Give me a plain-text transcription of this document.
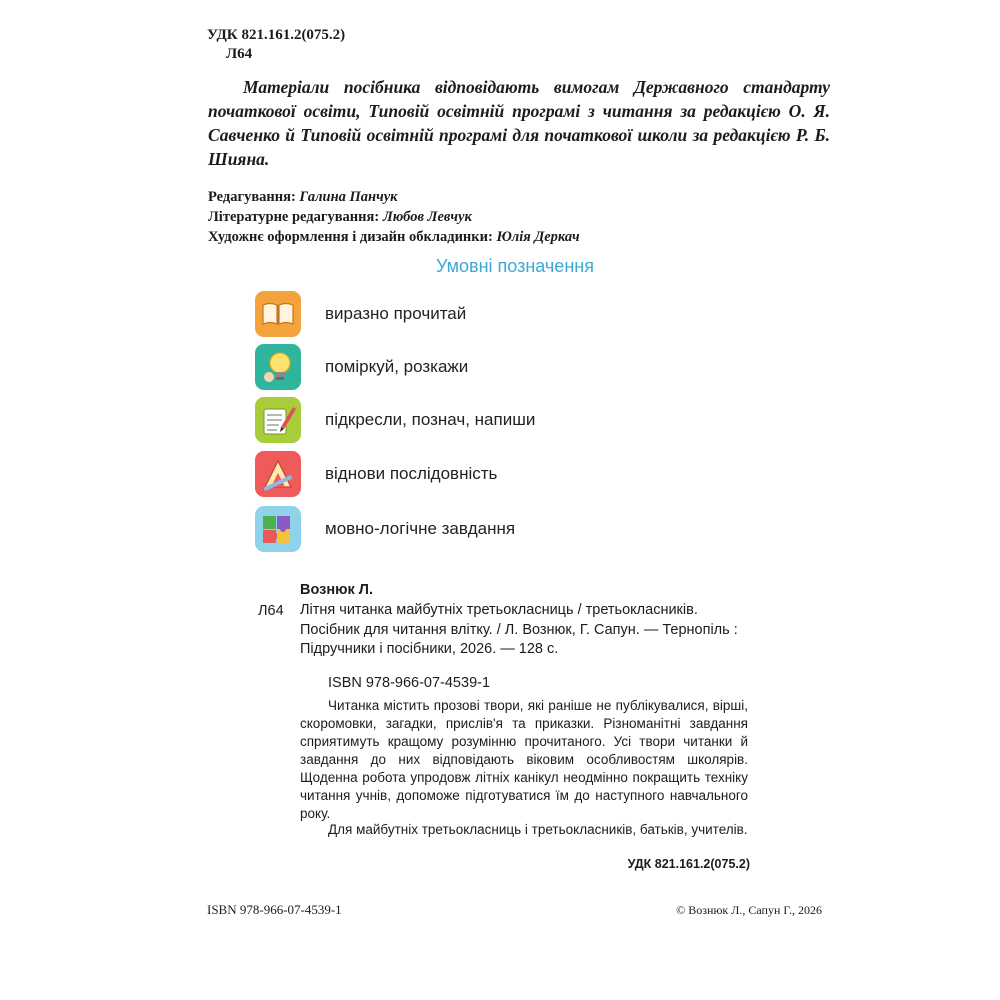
УДК 821.161.2(075.2)
Л64

Матеріали посібника відповідають вимогам Державного стандарту початкової освіти, Типовій освітній програмі з читання за редакцією О. Я. Савченко й Типовій освітній програмі для початкової школи за редакцією Р. Б. Шияна.

Редагування: Галина Панчук
Літературне редагування: Любов Левчук
Художнє оформлення і дизайн обкладинки: Юлія Деркач
Умовні позначення
виразно прочитай
поміркуй, розкажи
підкресли, познач, напиши
віднови послідовність
мовно-логічне завдання
Вознюк Л.
Л64 Літня читанка майбутніх третьокласниць / третьокласників. Посібник для читання влітку. / Л. Вознюк, Г. Сапун. — Тернопіль : Підручники і посібники, 2026. — 128 с.

ISBN 978-966-07-4539-1

Читанка містить прозові твори, які раніше не публікувалися, вірші, скоромовки, загадки, прислів'я та приказки. Різноманітні завдання сприятимуть кращому розумінню прочитаного. Усі твори читанки й завдання до них відповідають віковим особливостям школярів. Щоденна робота упродовж літніх канікул неодмінно покращить техніку читання учнів, допоможе підготуватися їм до наступного навчального року.

Для майбутніх третьокласниць і третьокласників, батьків, учителів.

УДК 821.161.2(075.2)
ISBN 978-966-07-4539-1	© Вознюк Л., Сапун Г., 2026
